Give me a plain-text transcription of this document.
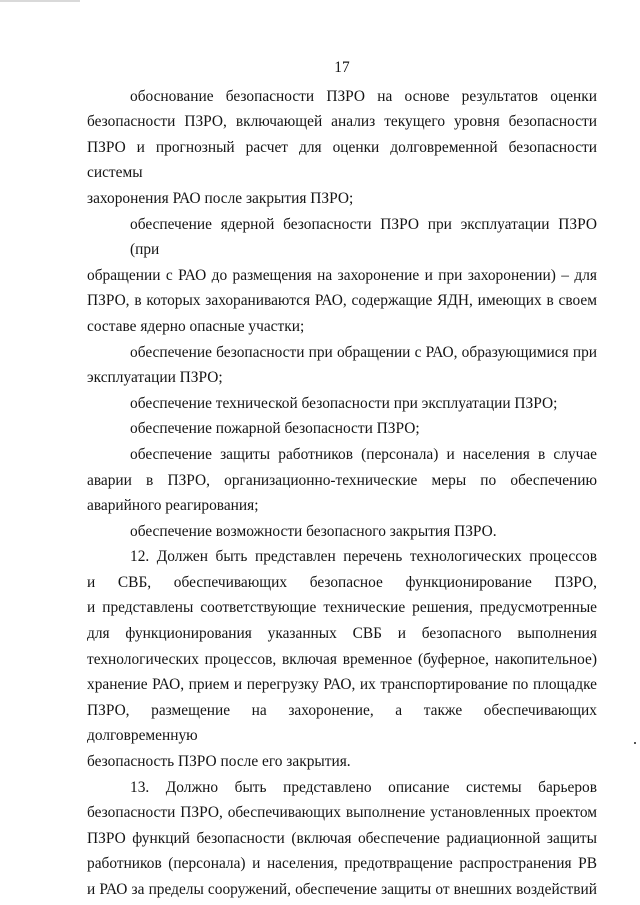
17

обоснование безопасности ПЗРО на основе результатов оценки
безопасности ПЗРО, включающей анализ текущего уровня безопасности
ПЗРО и прогнозный расчет для оценки долговременной безопасности системы
захоронения РАО после закрытия ПЗРО;

обеспечение ядерной безопасности ПЗРО при эксплуатации ПЗРО (при
обращении с РАО до размещения на захоронение и при захоронении) – для
ПЗРО, в которых захораниваются РАО, содержащие ЯДН, имеющих в своем
составе ядерно опасные участки;

обеспечение безопасности при обращении с РАО, образующимися при
эксплуатации ПЗРО;

обеспечение технической безопасности при эксплуатации ПЗРО;

обеспечение пожарной безопасности ПЗРО;

обеспечение защиты работников (персонала) и населения в случае
аварии в ПЗРО, организационно-технические меры по обеспечению
аварийного реагирования;

обеспечение возможности безопасного закрытия ПЗРО.

12. Должен быть представлен перечень технологических процессов
и СВБ, обеспечивающих безопасное функционирование ПЗРО,
и представлены соответствующие технические решения, предусмотренные
для функционирования указанных СВБ и безопасного выполнения
технологических процессов, включая временное (буферное, накопительное)
хранение РАО, прием и перегрузку РАО, их транспортирование по площадке
ПЗРО, размещение на захоронение, а также обеспечивающих долговременную
безопасность ПЗРО после его закрытия.

13. Должно быть представлено описание системы барьеров
безопасности ПЗРО, обеспечивающих выполнение установленных проектом
ПЗРО функций безопасности (включая обеспечение радиационной защиты
работников (персонала) и населения, предотвращение распространения РВ
и РАО за пределы сооружений, обеспечение защиты от внешних воздействий
